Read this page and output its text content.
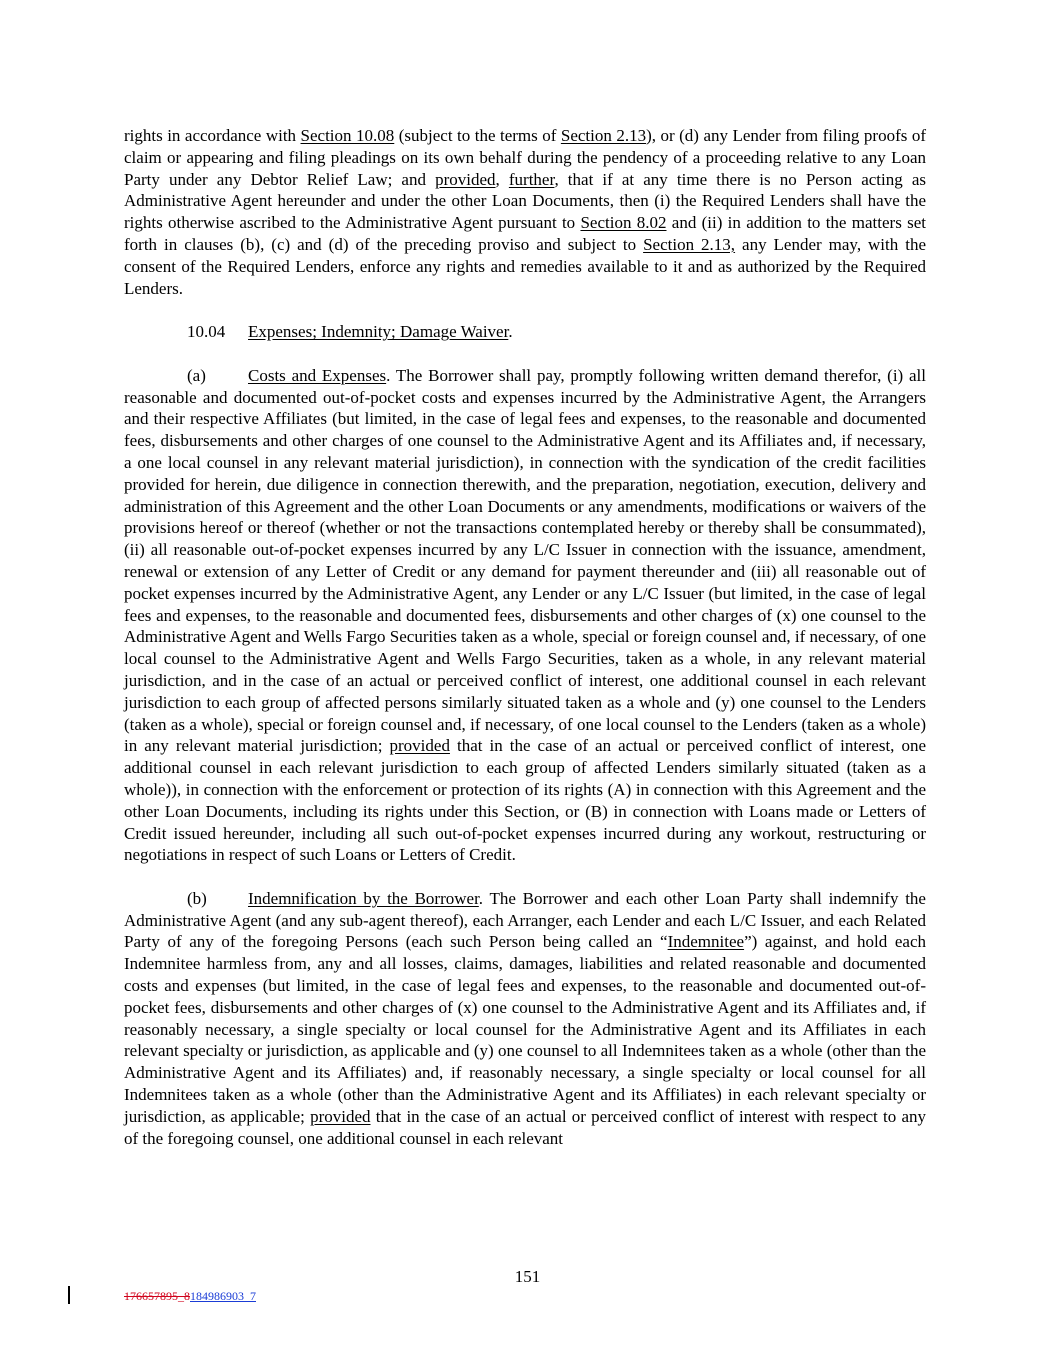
rights in accordance with Section 10.08 (subject to the terms of Section 2.13), or (d) any Lender from filing proofs of claim or appearing and filing pleadings on its own behalf during the pendency of a proceeding relative to any Loan Party under any Debtor Relief Law; and provided, further, that if at any time there is no Person acting as Administrative Agent hereunder and under the other Loan Documents, then (i) the Required Lenders shall have the rights otherwise ascribed to the Administrative Agent pursuant to Section 8.02 and (ii) in addition to the matters set forth in clauses (b), (c) and (d) of the preceding proviso and subject to Section 2.13, any Lender may, with the consent of the Required Lenders, enforce any rights and remedies available to it and as authorized by the Required Lenders.

10.04 Expenses; Indemnity; Damage Waiver.

(a) Costs and Expenses. The Borrower shall pay, promptly following written demand therefor, (i) all reasonable and documented out-of-pocket costs and expenses incurred by the Administrative Agent, the Arrangers and their respective Affiliates (but limited, in the case of legal fees and expenses, to the reasonable and documented fees, disbursements and other charges of one counsel to the Administrative Agent and its Affiliates and, if necessary, a one local counsel in any relevant material jurisdiction), in connection with the syndication of the credit facilities provided for herein, due diligence in connection therewith, and the preparation, negotiation, execution, delivery and administration of this Agreement and the other Loan Documents or any amendments, modifications or waivers of the provisions hereof or thereof (whether or not the transactions contemplated hereby or thereby shall be consummated), (ii) all reasonable out-of-pocket expenses incurred by any L/C Issuer in connection with the issuance, amendment, renewal or extension of any Letter of Credit or any demand for payment thereunder and (iii) all reasonable out of pocket expenses incurred by the Administrative Agent, any Lender or any L/C Issuer (but limited, in the case of legal fees and expenses, to the reasonable and documented fees, disbursements and other charges of (x) one counsel to the Administrative Agent and Wells Fargo Securities taken as a whole, special or foreign counsel and, if necessary, of one local counsel to the Administrative Agent and Wells Fargo Securities, taken as a whole, in any relevant material jurisdiction, and in the case of an actual or perceived conflict of interest, one additional counsel in each relevant jurisdiction to each group of affected persons similarly situated taken as a whole and (y) one counsel to the Lenders (taken as a whole), special or foreign counsel and, if necessary, of one local counsel to the Lenders (taken as a whole) in any relevant material jurisdiction; provided that in the case of an actual or perceived conflict of interest, one additional counsel in each relevant jurisdiction to each group of affected Lenders similarly situated (taken as a whole)), in connection with the enforcement or protection of its rights (A) in connection with this Agreement and the other Loan Documents, including its rights under this Section, or (B) in connection with Loans made or Letters of Credit issued hereunder, including all such out-of-pocket expenses incurred during any workout, restructuring or negotiations in respect of such Loans or Letters of Credit.

(b) Indemnification by the Borrower. The Borrower and each other Loan Party shall indemnify the Administrative Agent (and any sub-agent thereof), each Arranger, each Lender and each L/C Issuer, and each Related Party of any of the foregoing Persons (each such Person being called an “Indemnitee”) against, and hold each Indemnitee harmless from, any and all losses, claims, damages, liabilities and related reasonable and documented costs and expenses (but limited, in the case of legal fees and expenses, to the reasonable and documented out-of-pocket fees, disbursements and other charges of (x) one counsel to the Administrative Agent and its Affiliates and, if reasonably necessary, a single specialty or local counsel for the Administrative Agent and its Affiliates in each relevant specialty or jurisdiction, as applicable and (y) one counsel to all Indemnitees taken as a whole (other than the Administrative Agent and its Affiliates) and, if reasonably necessary, a single specialty or local counsel for all Indemnitees taken as a whole (other than the Administrative Agent and its Affiliates) in each relevant specialty or jurisdiction, as applicable; provided that in the case of an actual or perceived conflict of interest with respect to any of the foregoing counsel, one additional counsel in each relevant

151
176657895_8184986903_7
